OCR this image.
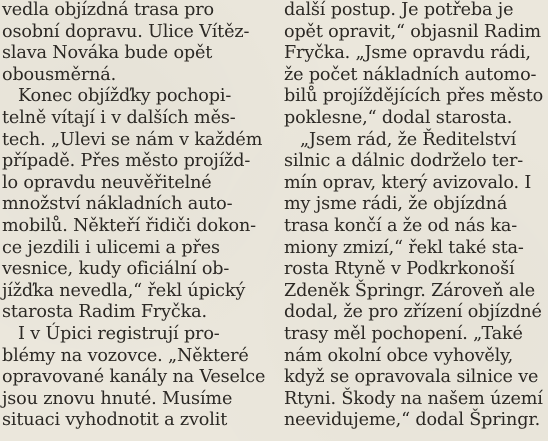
vedla objízdná trasa pro
osobní dopravu. Ulice Vítěz-
slava Nováka bude opět
obousměrná.
Konec objížďky pochopi-
telně vítají i v dalších měs-
tech. „Ulevi se nám v každém
případě. Přes město projížd-
lo opravdu neuvěřitelné
množství nákladních auto-
mobilů. Někteří řidiči dokon-
ce jezdili i ulicemi a přes
vesnice, kudy oficiální ob-
jížďka nevedla,“ řekl úpický
starosta Radim Fryčka.
I v Úpici registrují pro-
blémy na vozovce. „Některé
opravované kanály na Veselce
jsou znovu hnuté. Musíme
situaci vyhodnotit a zvolit
další postup. Je potřeba je
opět opravit,“ objasnil Radim
Fryčka. „Jsme opravdu rádi,
že počet nákladních automo-
bilů projíždějících přes město
poklesne,“ dodal starosta.
„Jsem rád, že Ředitelství
silnic a dálnic dodrželo ter-
mín oprav, který avizovalo. I
my jsme rádi, že objízdná
trasa končí a že od nás ka-
miony zmizí,“ řekl také sta-
rosta Rtyně v Podkrkonoší
Zdeněk Špringr. Zároveň ale
dodal, že pro zřízení objízdné
trasy měl pochopení. „Také
nám okolní obce vyhověly,
když se opravovala silnice ve
Rtyni. Škody na našem území
neevidujeme,“ dodal Špringr.
